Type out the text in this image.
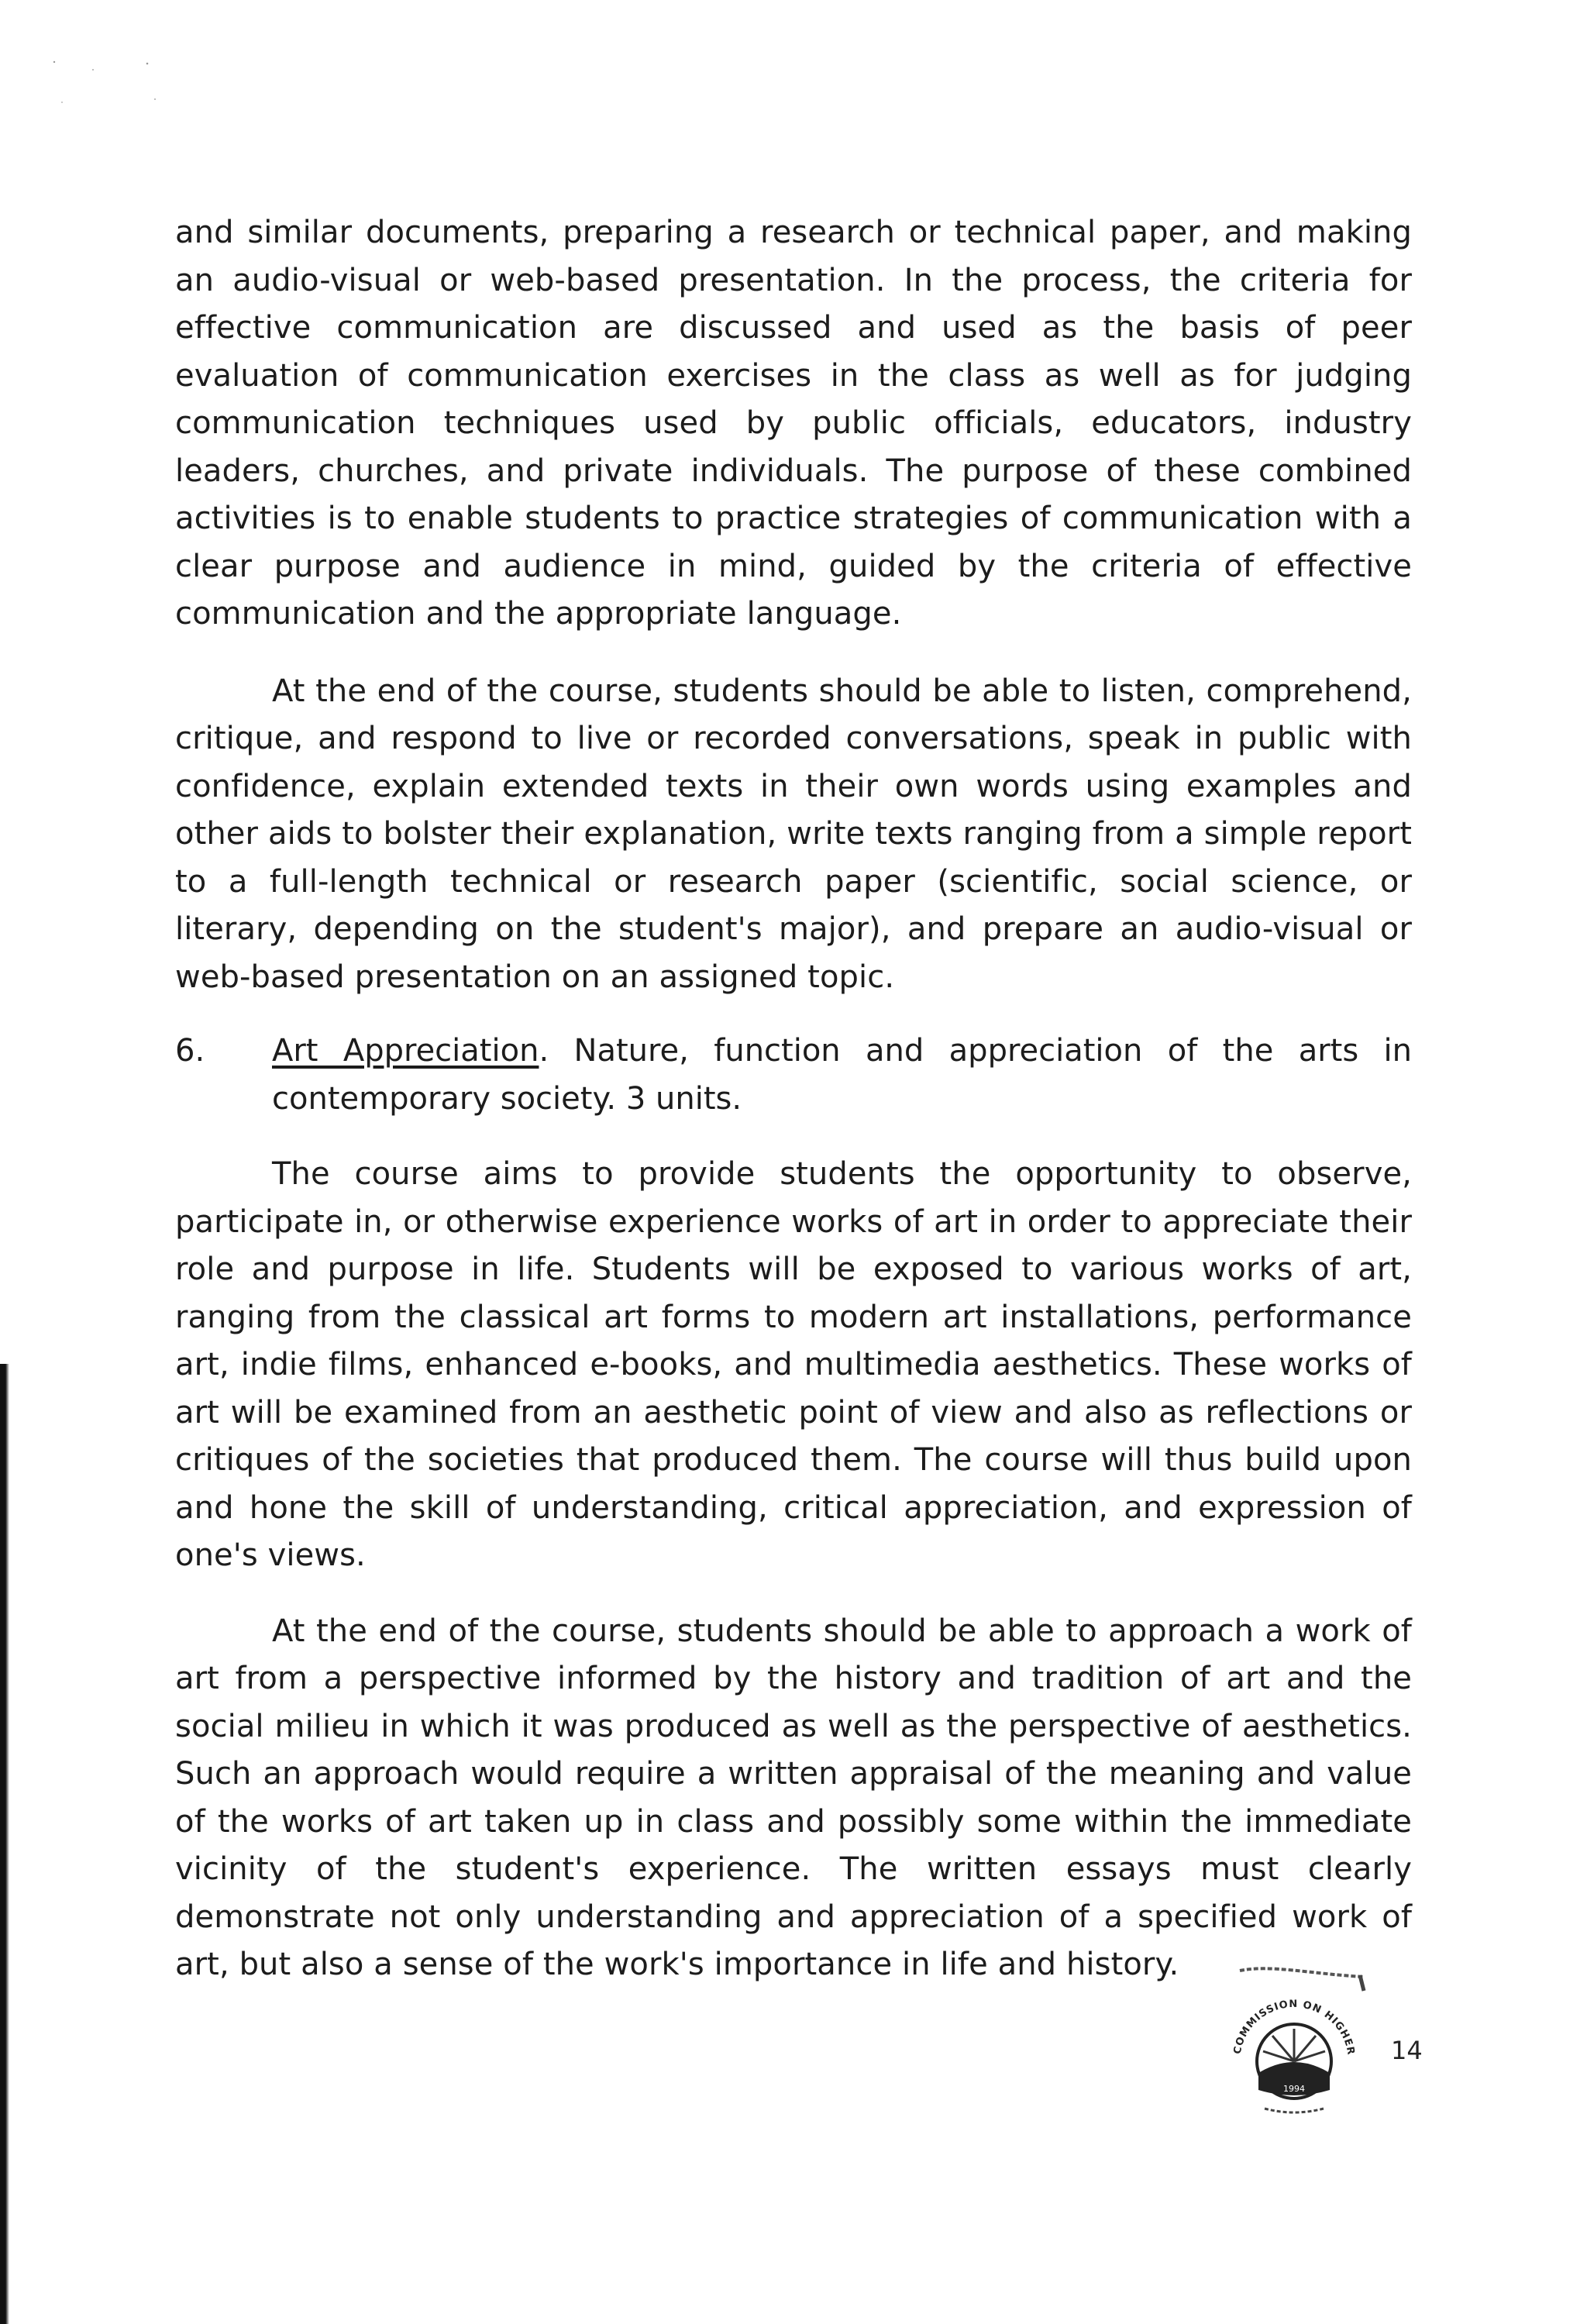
and similar documents, preparing a research or technical paper, and making an audio-visual or web-based presentation. In the process, the criteria for effective communication are discussed and used as the basis of peer evaluation of communication exercises in the class as well as for judging communication techniques used by public officials, educators, industry leaders, churches, and private individuals. The purpose of these combined activities is to enable students to practice strategies of communication with a clear purpose and audience in mind, guided by the criteria of effective communication and the appropriate language.

At the end of the course, students should be able to listen, comprehend, critique, and respond to live or recorded conversations, speak in public with confidence, explain extended texts in their own words using examples and other aids to bolster their explanation, write texts ranging from a simple report to a full-length technical or research paper (scientific, social science, or literary, depending on the student's major), and prepare an audio-visual or web-based presentation on an assigned topic.

6.	Art Appreciation. Nature, function and appreciation of the arts in contemporary society. 3 units.

The course aims to provide students the opportunity to observe, participate in, or otherwise experience works of art in order to appreciate their role and purpose in life. Students will be exposed to various works of art, ranging from the classical art forms to modern art installations, performance art, indie films, enhanced e-books, and multimedia aesthetics. These works of art will be examined from an aesthetic point of view and also as reflections or critiques of the societies that produced them. The course will thus build upon and hone the skill of understanding, critical appreciation, and expression of one's views.

At the end of the course, students should be able to approach a work of art from a perspective informed by the history and tradition of art and the social milieu in which it was produced as well as the perspective of aesthetics. Such an approach would require a written appraisal of the meaning and value of the works of art taken up in class and possibly some within the immediate vicinity of the student's experience. The written essays must clearly demonstrate not only understanding and appreciation of a specified work of art, but also a sense of the work's importance in life and history.

COMMISSION ON HIGHER
1994
14
